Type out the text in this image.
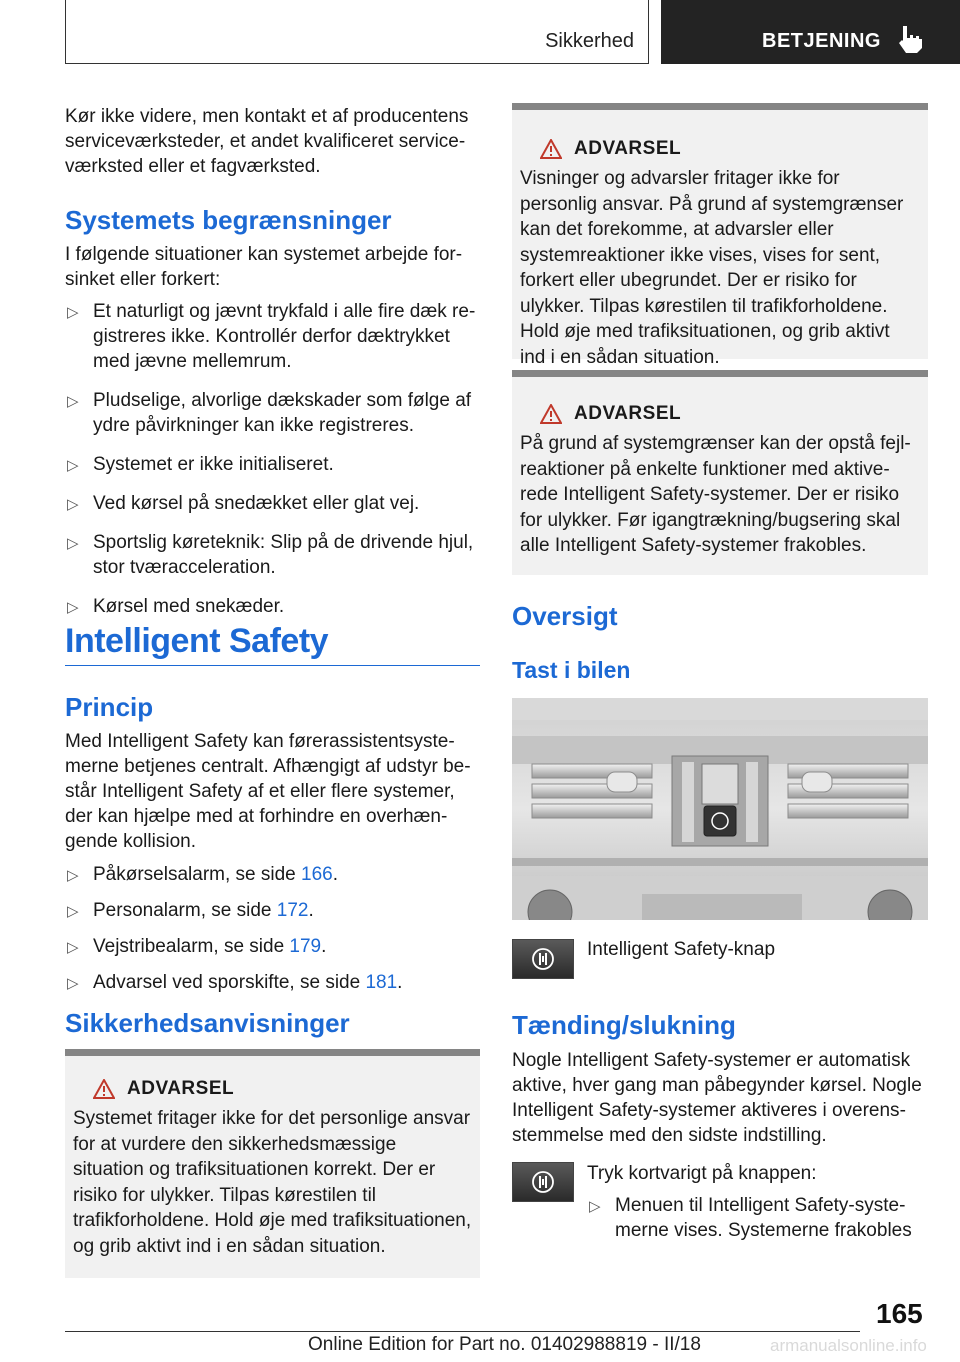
Sikkerhed	BETJENING
Kør ikke videre, men kontakt et af producentens serviceværksteder, et andet kvalificeret serviceværksted eller et fagværksted.
Systemets begrænsninger
I følgende situationer kan systemet arbejde forsinket eller forkert:
▷ Et naturligt og jævnt trykfald i alle fire dæk registreres ikke. Kontrollér derfor dæktrykket med jævne mellemrum.
▷ Pludselige, alvorlige dækskader som følge af ydre påvirkninger kan ikke registreres.
▷ Systemet er ikke initialiseret.
▷ Ved kørsel på snedækket eller glat vej.
▷ Sportslig køreteknik: Slip på de drivende hjul, stor tværacceleration.
▷ Kørsel med snekæder.
Intelligent Safety
Princip
Med Intelligent Safety kan førerassistentsystemerne betjenes centralt. Afhængigt af udstyr består Intelligent Safety af et eller flere systemer, der kan hjælpe med at forhindre en overhængende kollision.
▷ Påkørselsalarm, se side 166.
▷ Personalarm, se side 172.
▷ Vejstribealarm, se side 179.
▷ Advarsel ved sporskifte, se side 181.
Sikkerhedsanvisninger
ADVARSEL
Systemet fritager ikke for det personlige ansvar for at vurdere den sikkerhedsmæssige situation og trafiksituationen korrekt. Der er risiko for ulykker. Tilpas kørestilen til trafikforholdene. Hold øje med trafiksituationen, og grib aktivt ind i en sådan situation.
ADVARSEL
Visninger og advarsler fritager ikke for personlig ansvar. På grund af systemgrænser kan det forekomme, at advarsler eller systemreaktioner ikke vises, vises for sent, forkert eller ubegrundet. Der er risiko for ulykker. Tilpas kørestilen til trafikforholdene. Hold øje med trafiksituationen, og grib aktivt ind i en sådan situation.
ADVARSEL
På grund af systemgrænser kan der opstå fejlreaktioner på enkelte funktioner med aktiverede Intelligent Safety-systemer. Der er risiko for ulykker. Før igangtrækning/bugsering skal alle Intelligent Safety-systemer frakobles.
Oversigt
Tast i bilen
Intelligent Safety-knap
Tænding/slukning
Nogle Intelligent Safety-systemer er automatisk aktive, hver gang man påbegynder kørsel. Nogle Intelligent Safety-systemer aktiveres i overensstemmelse med den sidste indstilling.
Tryk kortvarigt på knappen:
▷ Menuen til Intelligent Safety-systemerne vises. Systemerne frakobles
165
Online Edition for Part no. 01402988819 - II/18	armanualsonline.info
